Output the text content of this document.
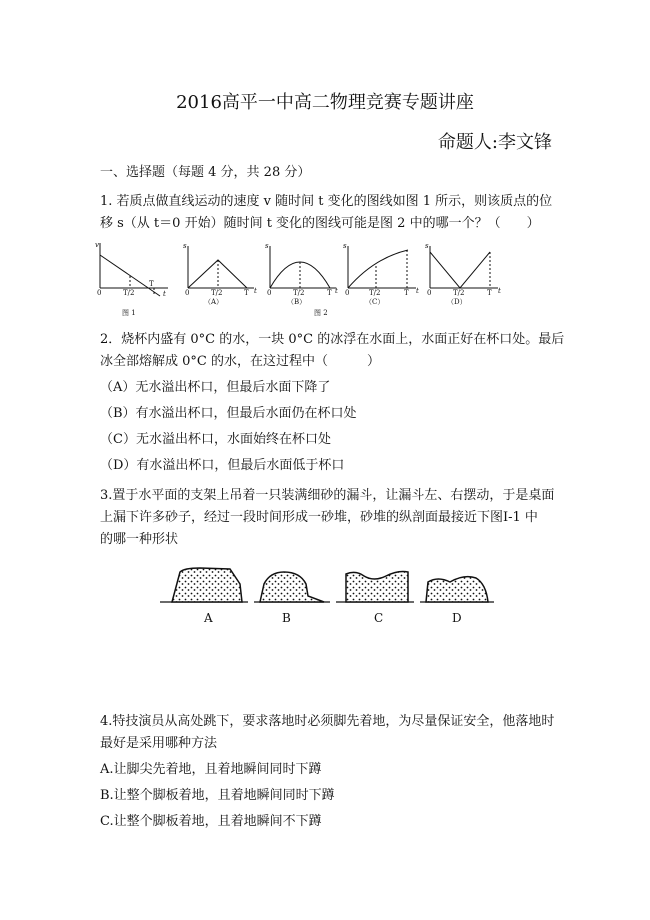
2016高平一中高二物理竞赛专题讲座
命题人:李文锋
一、选择题（每题 4 分，共 28 分）
1. 若质点做直线运动的速度 v 随时间 t 变化的图线如图 1 所示，则该质点的位
移 s（从 t＝0 开始）随时间 t 变化的图线可能是图 2 中的哪一个？（　　）
v
t
s
t
s
t
s
t
s
t
0	T/2
T
0	T/2	T	0	T/2	T 0	T/2	T	0	T/2	T
（A）	（B）	（C）	（D）
图 1	图 2
2．烧杯内盛有 0°C 的水，一块 0°C 的冰浮在水面上，水面正好在杯口处。最后
冰全部熔解成 0°C 的水，在这过程中（　　　）
（A）无水溢出杯口，但最后水面下降了
（B）有水溢出杯口，但最后水面仍在杯口处
（C）无水溢出杯口，水面始终在杯口处
（D）有水溢出杯口，但最后水面低于杯口
3.置于水平面的支架上吊着一只装满细砂的漏斗，让漏斗左、右摆动，于是桌面
上漏下许多砂子，经过一段时间形成一砂堆，砂堆的纵剖面最接近下图Ⅰ-1 中
的哪一种形状
A	B	C	D
4.特技演员从高处跳下，要求落地时必须脚先着地，为尽量保证安全，他落地时
最好是采用哪种方法
A.让脚尖先着地，且着地瞬间同时下蹲
B.让整个脚板着地，且着地瞬间同时下蹲
C.让整个脚板着地，且着地瞬间不下蹲
